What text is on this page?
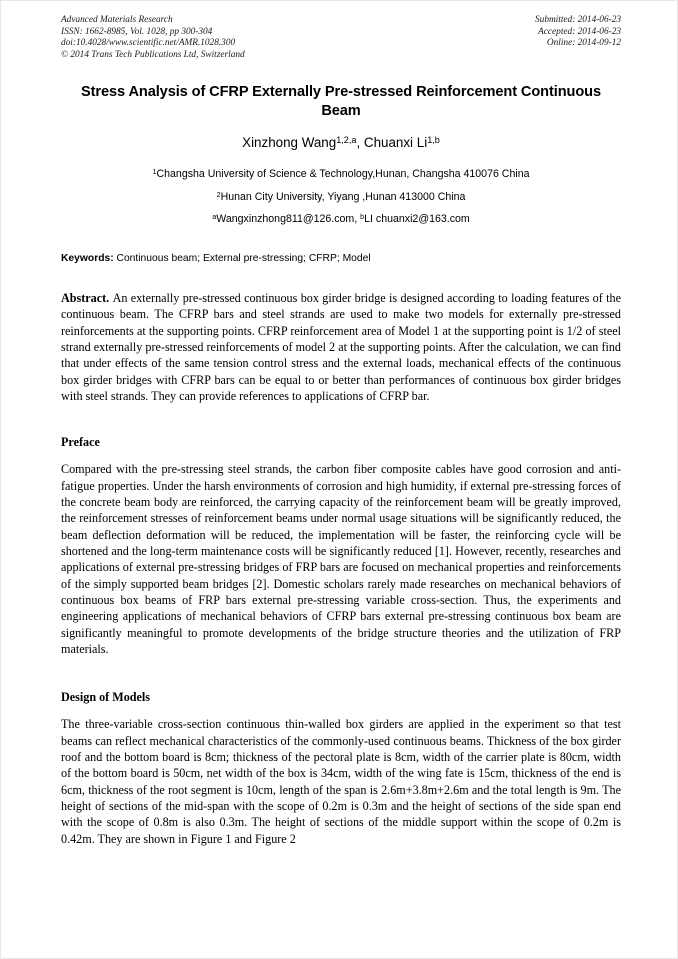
Advanced Materials Research
ISSN: 1662-8985, Vol. 1028, pp 300-304
doi:10.4028/www.scientific.net/AMR.1028.300
© 2014 Trans Tech Publications Ltd, Switzerland
Submitted: 2014-06-23
Accepted: 2014-06-23
Online: 2014-09-12
Stress Analysis of CFRP Externally Pre-stressed Reinforcement Continuous Beam
Xinzhong Wang$^{1,2,a}$, Chuanxi Li$^{1,b}$
$^1$Changsha University of Science & Technology,Hunan, Changsha 410076 China
$^2$Hunan City University, Yiyang ,Hunan 413000 China
$^a$Wangxinzhong811@126.com, $^b$LI chuanxi2@163.com
Keywords: Continuous beam; External pre-stressing; CFRP; Model
Abstract. An externally pre-stressed continuous box girder bridge is designed according to loading features of the continuous beam. The CFRP bars and steel strands are used to make two models for externally pre-stressed reinforcements at the supporting points. CFRP reinforcement area of Model 1 at the supporting point is 1/2 of steel strand externally pre-stressed reinforcements of model 2 at the supporting points. After the calculation, we can find that under effects of the same tension control stress and the external loads, mechanical effects of the continuous box girder bridges with CFRP bars can be equal to or better than performances of continuous box girder bridges with steel strands. They can provide references to applications of CFRP bar.
Preface
Compared with the pre-stressing steel strands, the carbon fiber composite cables have good corrosion and anti-fatigue properties. Under the harsh environments of corrosion and high humidity, if external pre-stressing forces of the concrete beam body are reinforced, the carrying capacity of the reinforcement beam will be greatly improved, the reinforcement stresses of reinforcement beams under normal usage situations will be significantly reduced, the beam deflection deformation will be reduced, the implementation will be faster, the reinforcing cycle will be shortened and the long-term maintenance costs will be significantly reduced [1]. However, recently, researches and applications of external pre-stressing bridges of FRP bars are focused on mechanical properties and reinforcements of the simply supported beam bridges [2]. Domestic scholars rarely made researches on mechanical behaviors of continuous box beams of FRP bars external pre-stressing variable cross-section. Thus, the experiments and engineering applications of mechanical behaviors of CFRP bars external pre-stressing continuous box beam are significantly meaningful to promote developments of the bridge structure theories and the utilization of FRP materials.
Design of Models
The three-variable cross-section continuous thin-walled box girders are applied in the experiment so that test beams can reflect mechanical characteristics of the commonly-used continuous beams. Thickness of the box girder roof and the bottom board is 8cm; thickness of the pectoral plate is 8cm, width of the carrier plate is 80cm, width of the bottom board is 50cm, net width of the box is 34cm, width of the wing fate is 15cm, thickness of the end is 6cm, thickness of the root segment is 10cm, length of the span is 2.6m+3.8m+2.6m and the total length is 9m. The height of sections of the mid-span with the scope of 0.2m is 0.3m and the height of sections of the side span end with the scope of 0.8m is also 0.3m. The height of sections of the middle support within the scope of 0.2m is 0.42m. They are shown in Figure 1 and Figure 2
